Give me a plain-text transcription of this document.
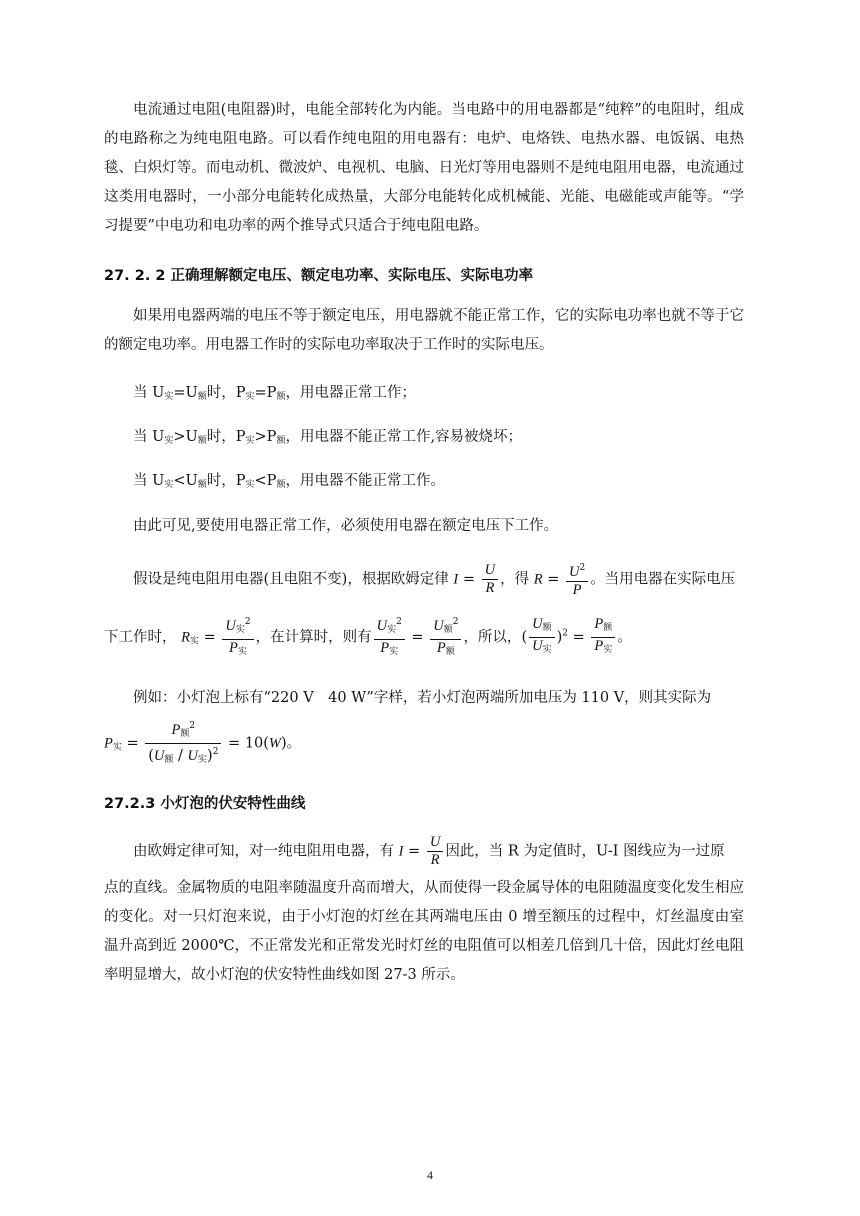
电流通过电阻(电阻器)时，电能全部转化为内能。当电路中的用电器都是“纯粹”的电阻时，组成的电路称之为纯电阻电路。可以看作纯电阻的用电器有：电炉、电烙铁、电热水器、电饭锅、电热毯、白炽灯等。而电动机、微波炉、电视机、电脑、日光灯等用电器则不是纯电阻用电器，电流通过这类用电器时，一小部分电能转化成热量，大部分电能转化成机械能、光能、电磁能或声能等。“学习提要”中电功和电功率的两个推导式只适合于纯电阻电路。

27. 2. 2 正确理解额定电压、额定电功率、实际电压、实际电功率

如果用电器两端的电压不等于额定电压，用电器就不能正常工作，它的实际电功率也就不等于它的额定电功率。用电器工作时的实际电功率取决于工作时的实际电压。

当 $U_实=U_额$时，$P_实=P_额$，用电器正常工作；

当 $U_实>U_额$时，$P_实>P_额$，用电器不能正常工作,容易被烧坏；

当 $U_实<U_额$时，$P_实<P_额$，用电器不能正常工作。

由此可见,要使用电器正常工作，必须使用电器在额定电压下工作。

假设是纯电阻用电器(且电阻不变)，根据欧姆定律 $I = \frac{U}{R}$ ，得 $R = \frac{U^2}{P}$ 。当用电器在实际电压
下工作时， $R_实 = \frac{U_实^2}{P_实}$ ，在计算时，则有 $\frac{U_实^2}{P_实} = \frac{U_额^2}{P_额}$ ，所以，( $\frac{U_额}{U_实} )^2 = \frac{P_额}{P_实}$ 。

例如：小灯泡上标有“220 V　40 W”字样，若小灯泡两端所加电压为 110 V，则其实际为

$P_实 = \frac{P_额^2}{(U_额 / U_实)^2} = 10(W)$。

27.2.3 小灯泡的伏安特性曲线

由欧姆定律可知，对一纯电阻用电器，有 $I = \frac{U}{R}$ 因此，当 R 为定值时，U-I 图线应为一过原

点的直线。金属物质的电阻率随温度升高而增大，从而使得一段金属导体的电阻随温度变化发生相应的变化。对一只灯泡来说，由于小灯泡的灯丝在其两端电压由 0 增至额压的过程中，灯丝温度由室温升高到近 2000℃，不正常发光和正常发光时灯丝的电阻值可以相差几倍到几十倍，因此灯丝电阻率明显增大，故小灯泡的伏安特性曲线如图 27-3 所示。

4
